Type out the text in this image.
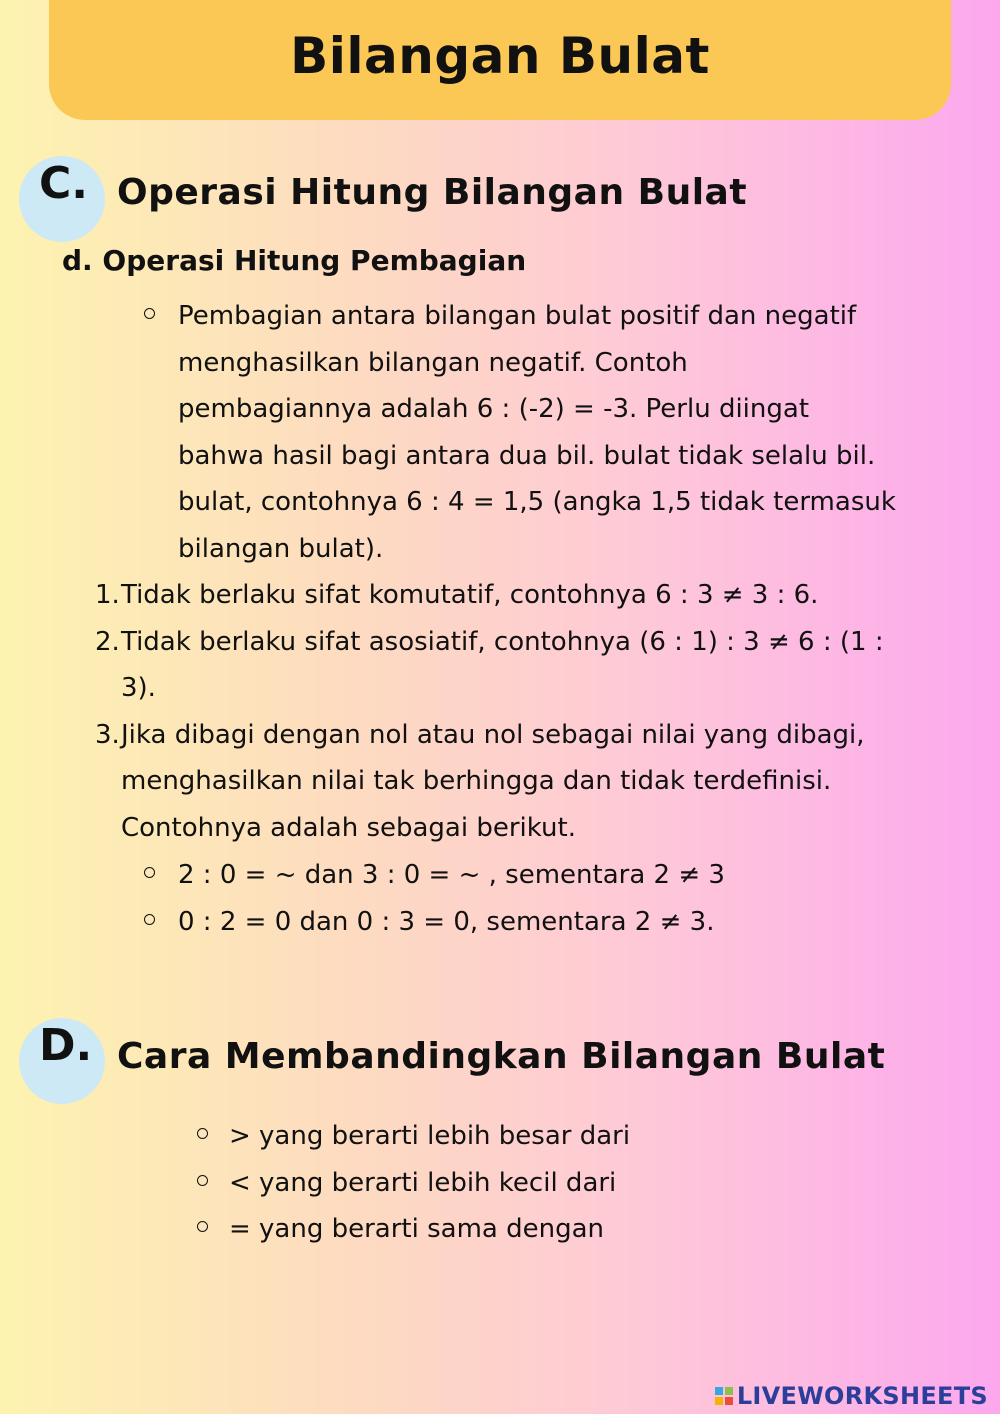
Bilangan Bulat
C. Operasi Hitung Bilangan Bulat
d. Operasi Hitung Pembagian
Pembagian antara bilangan bulat positif dan negatif
menghasilkan bilangan negatif. Contoh
pembagiannya adalah 6 : (-2) = -3. Perlu diingat
bahwa hasil bagi antara dua bil. bulat tidak selalu bil.
bulat, contohnya 6 : 4 = 1,5 (angka 1,5 tidak termasuk
bilangan bulat).
1. Tidak berlaku sifat komutatif, contohnya 6 : 3 ≠ 3 : 6.
2. Tidak berlaku sifat asosiatif, contohnya (6 : 1) : 3 ≠ 6 : (1 :
3).
3. Jika dibagi dengan nol atau nol sebagai nilai yang dibagi,
menghasilkan nilai tak berhingga dan tidak terdefinisi.
Contohnya adalah sebagai berikut.
2 : 0 = ~ dan 3 : 0 = ~ , sementara 2 ≠ 3
0 : 2 = 0 dan 0 : 3 = 0, sementara 2 ≠ 3.
D. Cara Membandingkan Bilangan Bulat
> yang berarti lebih besar dari
< yang berarti lebih kecil dari
= yang berarti sama dengan
LIVEWORKSHEETS
